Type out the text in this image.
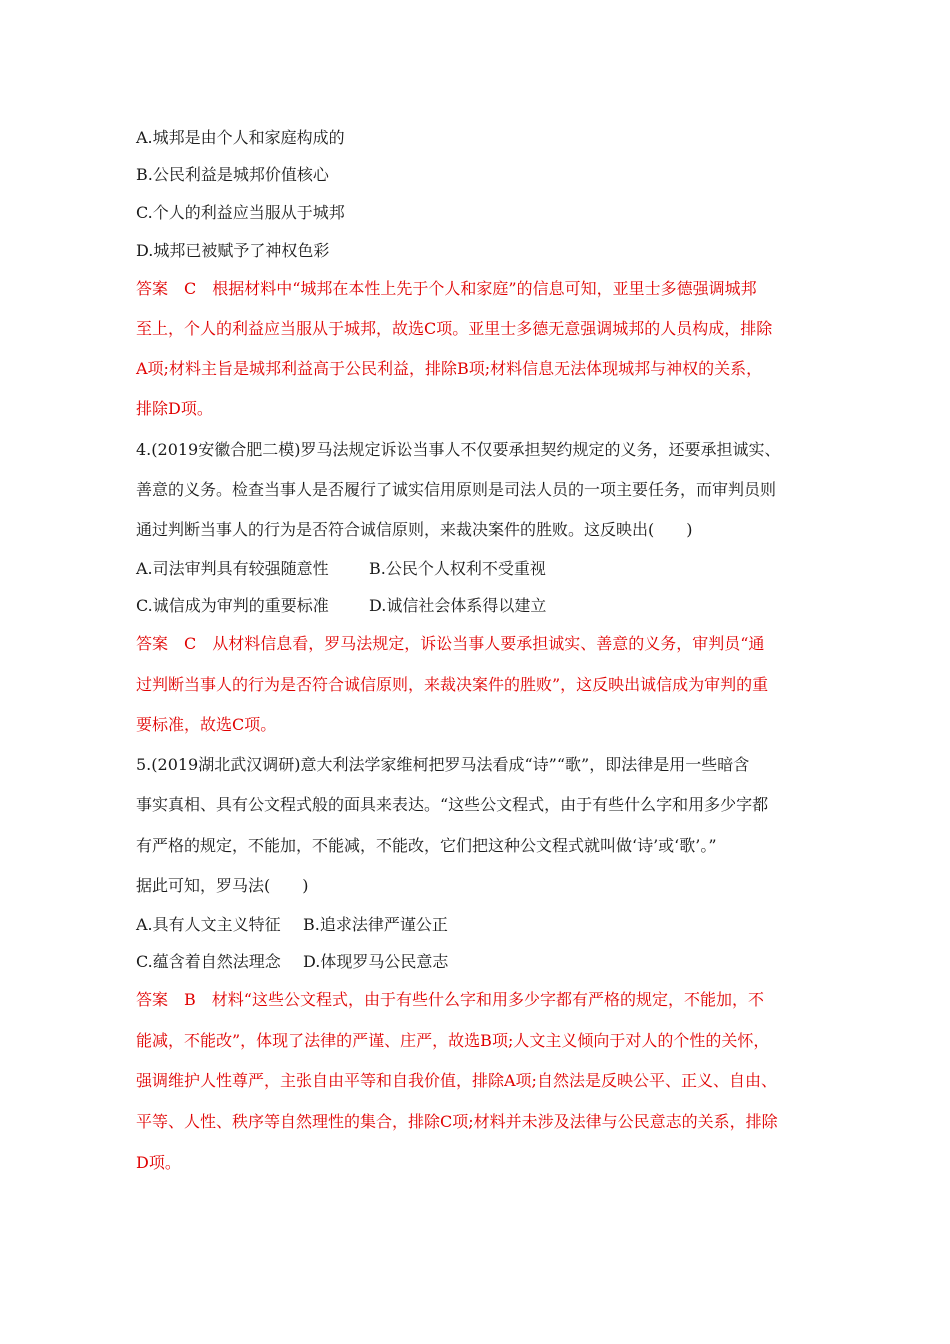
A.城邦是由个人和家庭构成的
B.公民利益是城邦价值核心
C.个人的利益应当服从于城邦
D.城邦已被赋予了神权色彩
答案　C　根据材料中“城邦在本性上先于个人和家庭”的信息可知，亚里士多德强调城邦
至上，个人的利益应当服从于城邦，故选C项。亚里士多德无意强调城邦的人员构成，排除
A项;材料主旨是城邦利益高于公民利益，排除B项;材料信息无法体现城邦与神权的关系，
排除D项。
4.(2019安徽合肥二模)罗马法规定诉讼当事人不仅要承担契约规定的义务，还要承担诚实、
善意的义务。检查当事人是否履行了诚实信用原则是司法人员的一项主要任务，而审判员则
通过判断当事人的行为是否符合诚信原则，来裁决案件的胜败。这反映出(　　)
A.司法审判具有较强随意性	B.公民个人权利不受重视
C.诚信成为审判的重要标准	D.诚信社会体系得以建立
答案　C　从材料信息看，罗马法规定，诉讼当事人要承担诚实、善意的义务，审判员“通
过判断当事人的行为是否符合诚信原则，来裁决案件的胜败”，这反映出诚信成为审判的重
要标准，故选C项。
5.(2019湖北武汉调研)意大利法学家维柯把罗马法看成“诗”“歌”，即法律是用一些暗含
事实真相、具有公文程式般的面具来表达。“这些公文程式，由于有些什么字和用多少字都
有严格的规定，不能加，不能减，不能改，它们把这种公文程式就叫做‘诗’或‘歌’。”
据此可知，罗马法(　　)
A.具有人文主义特征 B.追求法律严谨公正
C.蕴含着自然法理念 D.体现罗马公民意志
答案　B　材料“这些公文程式，由于有些什么字和用多少字都有严格的规定，不能加，不
能减，不能改”，体现了法律的严谨、庄严，故选B项;人文主义倾向于对人的个性的关怀，
强调维护人性尊严，主张自由平等和自我价值，排除A项;自然法是反映公平、正义、自由、
平等、人性、秩序等自然理性的集合，排除C项;材料并未涉及法律与公民意志的关系，排除
D项。
